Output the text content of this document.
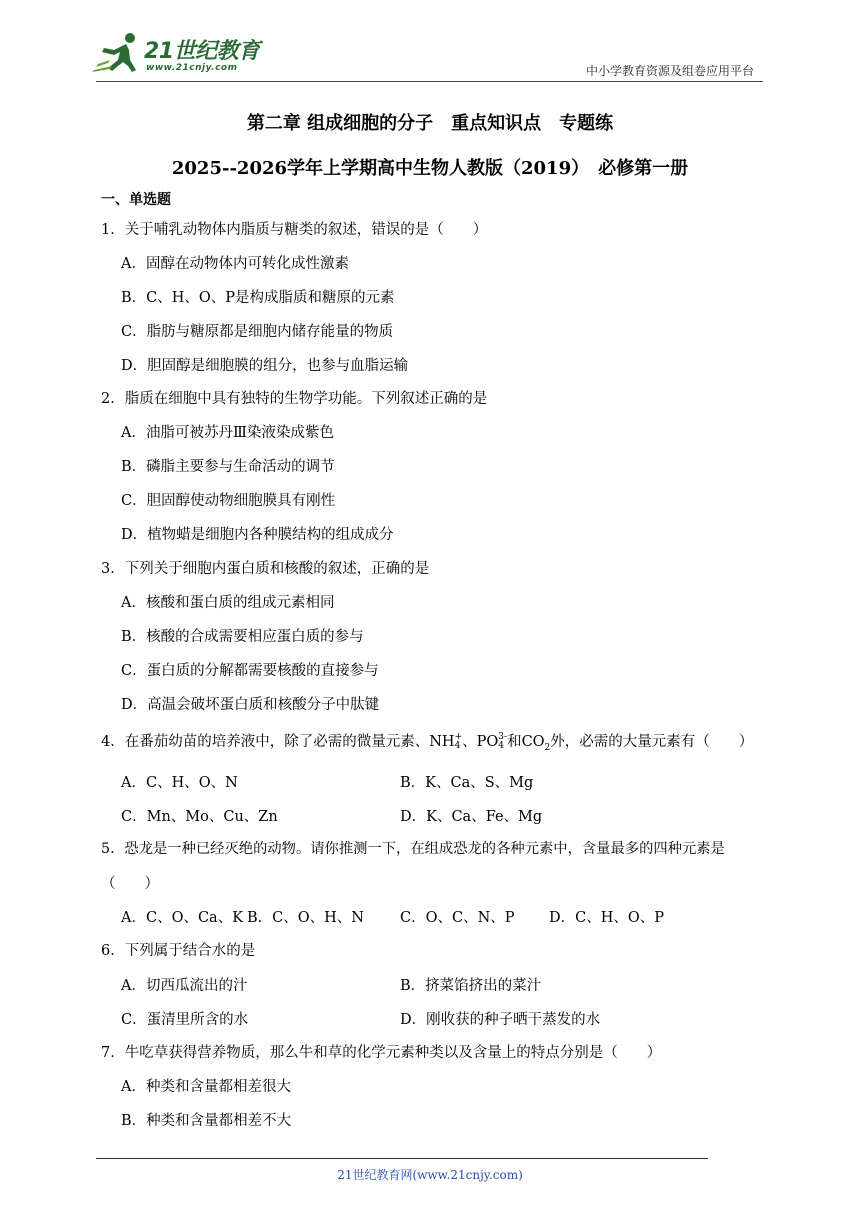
21世纪教育
www.21cnjy.com	中小学教育资源及组卷应用平台
第二章 组成细胞的分子　重点知识点　专题练
2025--2026学年上学期高中生物人教版（2019）　必修第一册
一、单选题
1．关于哺乳动物体内脂质与糖类的叙述，错误的是（　　）
A．固醇在动物体内可转化成性激素
B．C、H、O、P是构成脂质和糖原的元素
C．脂肪与糖原都是细胞内储存能量的物质
D．胆固醇是细胞膜的组分，也参与血脂运输
2．脂质在细胞中具有独特的生物学功能。下列叙述正确的是
A．油脂可被苏丹Ⅲ染液染成紫色
B．磷脂主要参与生命活动的调节
C．胆固醇使动物细胞膜具有刚性
D．植物蜡是细胞内各种膜结构的组成成分
3．下列关于细胞内蛋白质和核酸的叙述，正确的是
A．核酸和蛋白质的组成元素相同
B．核酸的合成需要相应蛋白质的参与
C．蛋白质的分解都需要核酸的直接参与
D．高温会破坏蛋白质和核酸分子中肽键
4．在番茄幼苗的培养液中，除了必需的微量元素、NH +
4 、PO 3-
4 和$CO_2$外，必需的大量元素有（　　）
A．C、H、O、N	B．K、Ca、S、Mg
C．Mn、Mo、Cu、Zn	D．K、Ca、Fe、Mg
5．恐龙是一种已经灭绝的动物。请你推测一下，在组成恐龙的各种元素中，含量最多的四种元素是
（　　）
A．C、O、Ca、K B．C、O、H、N C．O、C、N、P D．C、H、O、P
6．下列属于结合水的是
A．切西瓜流出的汁	B．挤菜馅挤出的菜汁
C．蛋清里所含的水	D．刚收获的种子晒干蒸发的水
7．牛吃草获得营养物质，那么牛和草的化学元素种类以及含量上的特点分别是（　　）
A．种类和含量都相差很大
B．种类和含量都相差不大
21世纪教育网(www.21cnjy.com)
